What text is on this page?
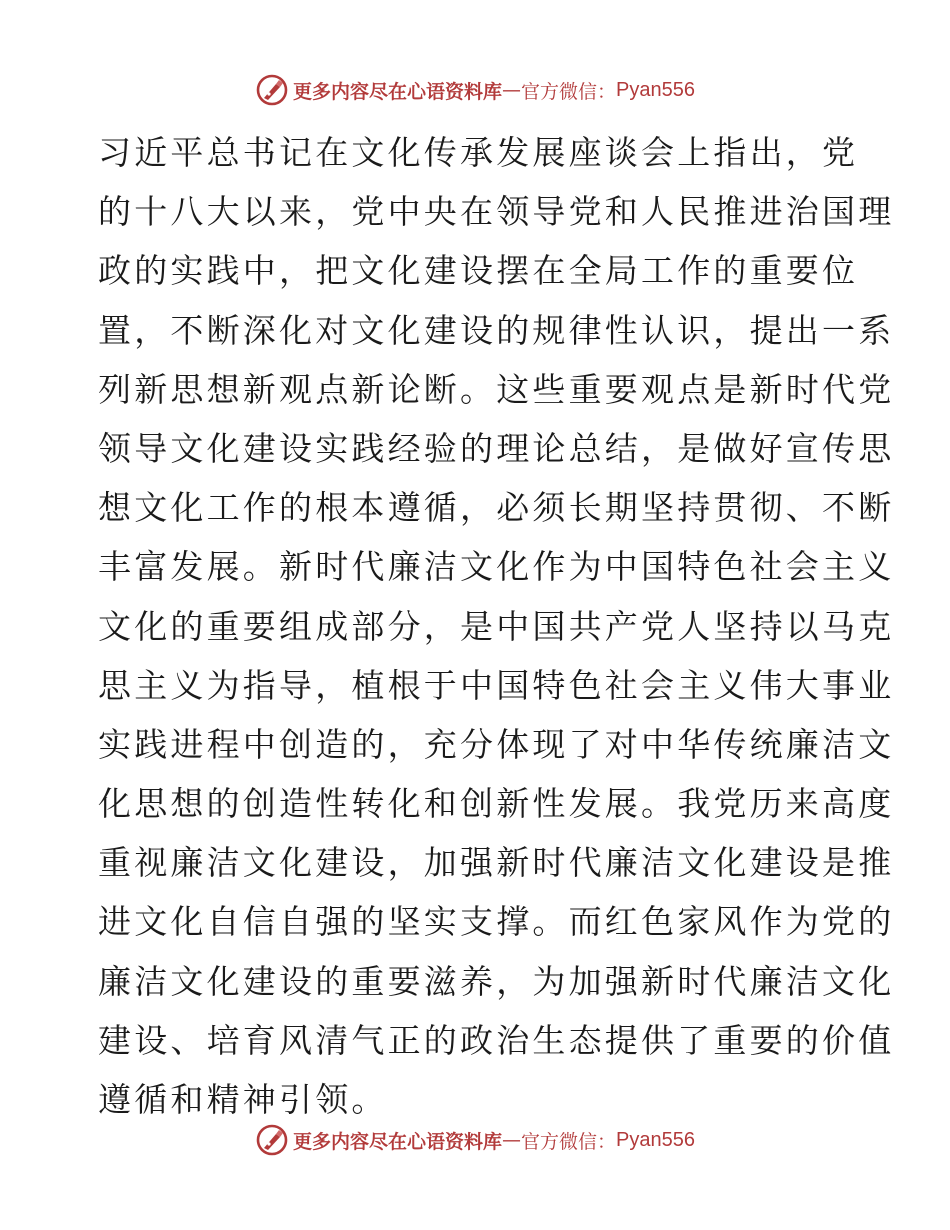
更多内容尽在心语资料库 — 官方微信： Pyan556
习近平总书记在文化传承发展座谈会上指出，党
的十八大以来，党中央在领导党和人民推进治国理
政的实践中，把文化建设摆在全局工作的重要位
置，不断深化对文化建设的规律性认识，提出一系
列新思想新观点新论断。这些重要观点是新时代党
领导文化建设实践经验的理论总结，是做好宣传思
想文化工作的根本遵循，必须长期坚持贯彻、不断
丰富发展。新时代廉洁文化作为中国特色社会主义
文化的重要组成部分，是中国共产党人坚持以马克
思主义为指导，植根于中国特色社会主义伟大事业
实践进程中创造的，充分体现了对中华传统廉洁文
化思想的创造性转化和创新性发展。我党历来高度
重视廉洁文化建设，加强新时代廉洁文化建设是推
进文化自信自强的坚实支撑。而红色家风作为党的
廉洁文化建设的重要滋养，为加强新时代廉洁文化
建设、培育风清气正的政治生态提供了重要的价值
遵循和精神引领。
更多内容尽在心语资料库 — 官方微信： Pyan556
